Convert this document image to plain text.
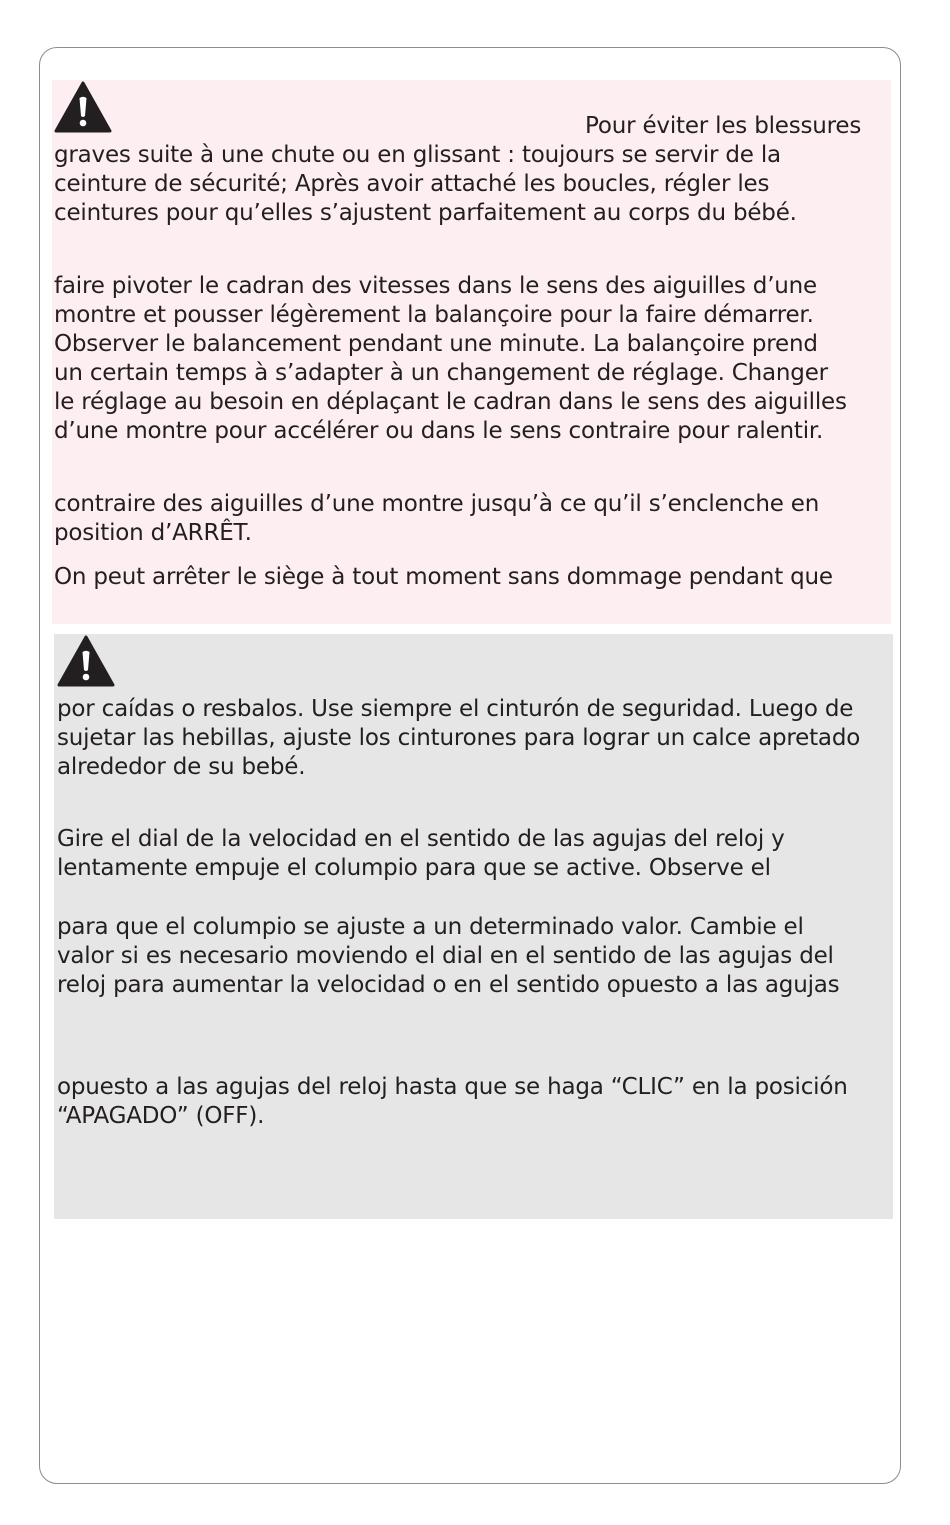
Pour éviter les blessures
graves suite à une chute ou en glissant : toujours se servir de la
ceinture de sécurité; Après avoir attaché les boucles, régler les
ceintures pour qu’elles s’ajustent parfaitement au corps du bébé.
faire pivoter le cadran des vitesses dans le sens des aiguilles d’une
montre et pousser légèrement la balançoire pour la faire démarrer.
Observer le balancement pendant une minute. La balançoire prend
un certain temps à s’adapter à un changement de réglage. Changer
le réglage au besoin en déplaçant le cadran dans le sens des aiguilles
d’une montre pour accélérer ou dans le sens contraire pour ralentir.
contraire des aiguilles d’une montre jusqu’à ce qu’il s’enclenche en
position d’ARRÊT.
On peut arrêter le siège à tout moment sans dommage pendant que
por caídas o resbalos. Use siempre el cinturón de seguridad. Luego de
sujetar las hebillas, ajuste los cinturones para lograr un calce apretado
alrededor de su bebé.
Gire el dial de la velocidad en el sentido de las agujas del reloj y
lentamente empuje el columpio para que se active. Observe el
para que el columpio se ajuste a un determinado valor. Cambie el
valor si es necesario moviendo el dial en el sentido de las agujas del
reloj para aumentar la velocidad o en el sentido opuesto a las agujas
opuesto a las agujas del reloj hasta que se haga “CLIC” en la posición
“APAGADO” (OFF).
